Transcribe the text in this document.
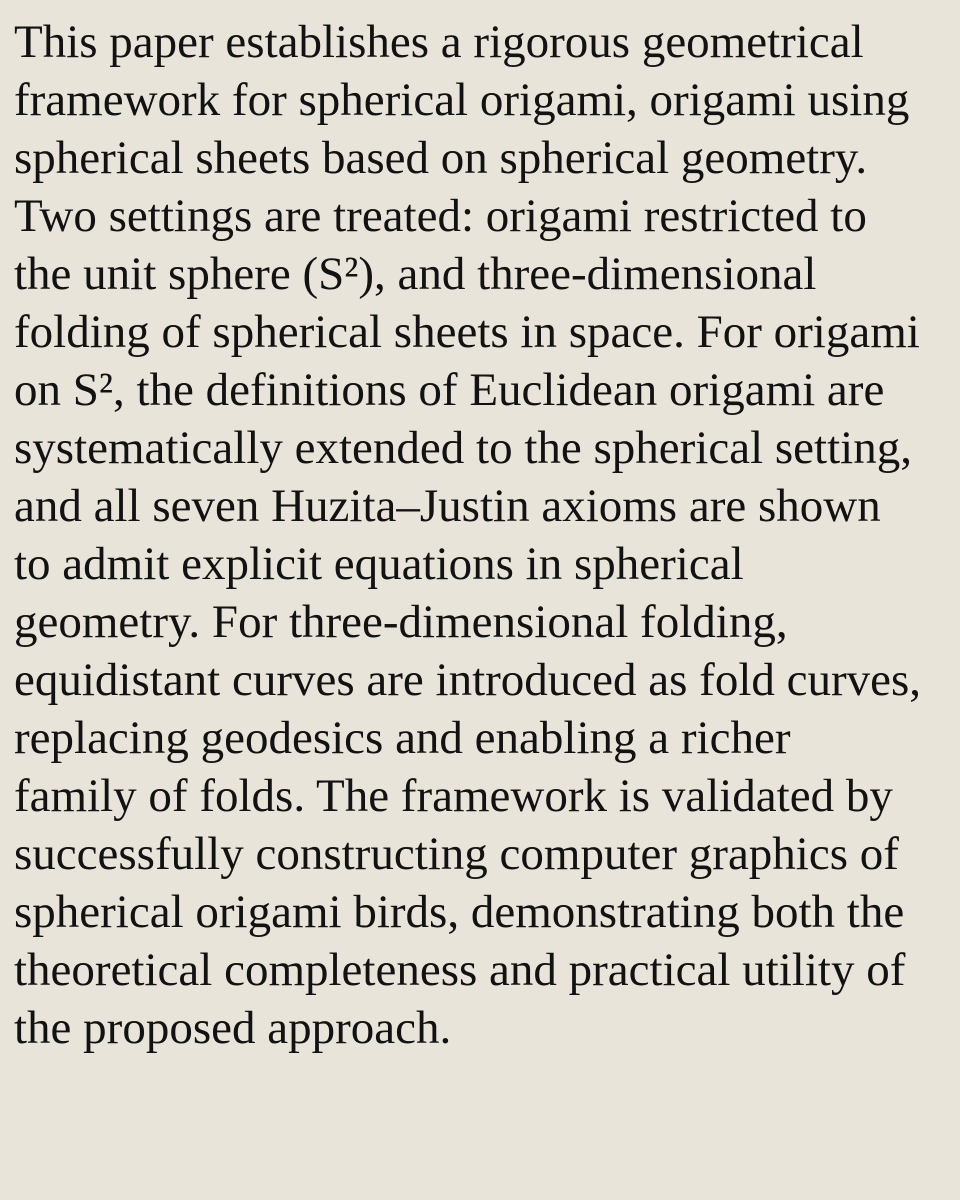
This paper establishes a rigorous geometrical
framework for spherical origami, origami using
spherical sheets based on spherical geometry.
Two settings are treated: origami restricted to
the unit sphere (S²), and three-dimensional
folding of spherical sheets in space. For origami
on S², the definitions of Euclidean origami are
systematically extended to the spherical setting,
and all seven Huzita–Justin axioms are shown
to admit explicit equations in spherical
geometry. For three-dimensional folding,
equidistant curves are introduced as fold curves,
replacing geodesics and enabling a richer
family of folds. The framework is validated by
successfully constructing computer graphics of
spherical origami birds, demonstrating both the
theoretical completeness and practical utility of
the proposed approach.
